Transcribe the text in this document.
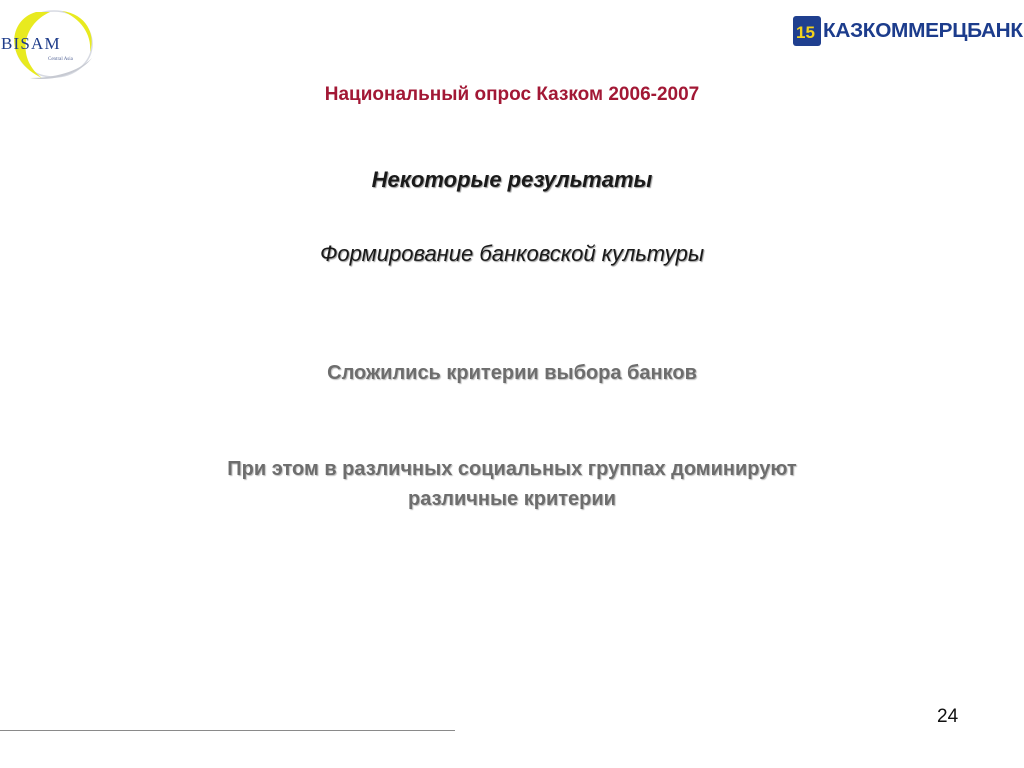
BISAM
Central Asia
15 КАЗКОММЕРЦБАНК
Национальный опрос Казком 2006-2007
Некоторые результаты
Формирование банковской культуры
Сложились критерии выбора банков
При этом в различных социальных группах доминируют различные критерии
24
